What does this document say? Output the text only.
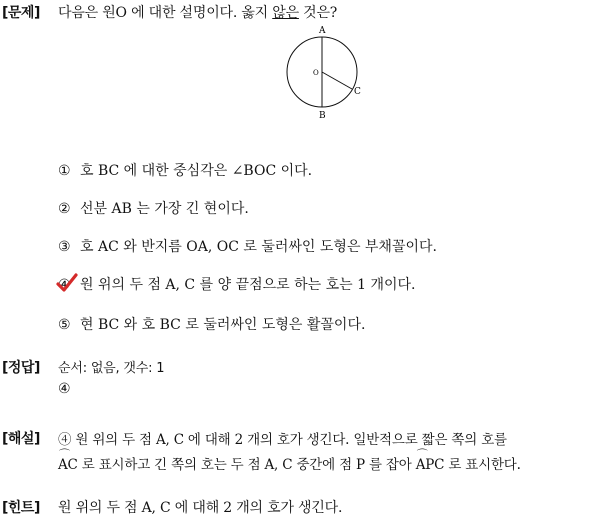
[문제] 다음은 원O 에 대한 설명이다. 옳지 않은 것은?
A
B
C
O
① 호 BC 에 대한 중심각은 ∠BOC 이다.
② 선분 AB 는 가장 긴 현이다.
③ 호 AC 와 반지름 OA, OC 로 둘러싸인 도형은 부채꼴이다.
④ 원 위의 두 점 A, C 를 양 끝점으로 하는 호는 1 개이다.
⑤ 현 BC 와 호 BC 로 둘러싸인 도형은 활꼴이다.
[정답] 순서: 없음, 갯수: 1
④
[해설] ④ 원 위의 두 점 A, C 에 대해 2 개의 호가 생긴다. 일반적으로 짧은 쪽의 호를
⌒ AC 로 표시하고 긴 쪽의 호는 두 점 A, C 중간에 점 P 를 잡아 ⌒ APC 로 표시한다.
[힌트] 원 위의 두 점 A, C 에 대해 2 개의 호가 생긴다.
